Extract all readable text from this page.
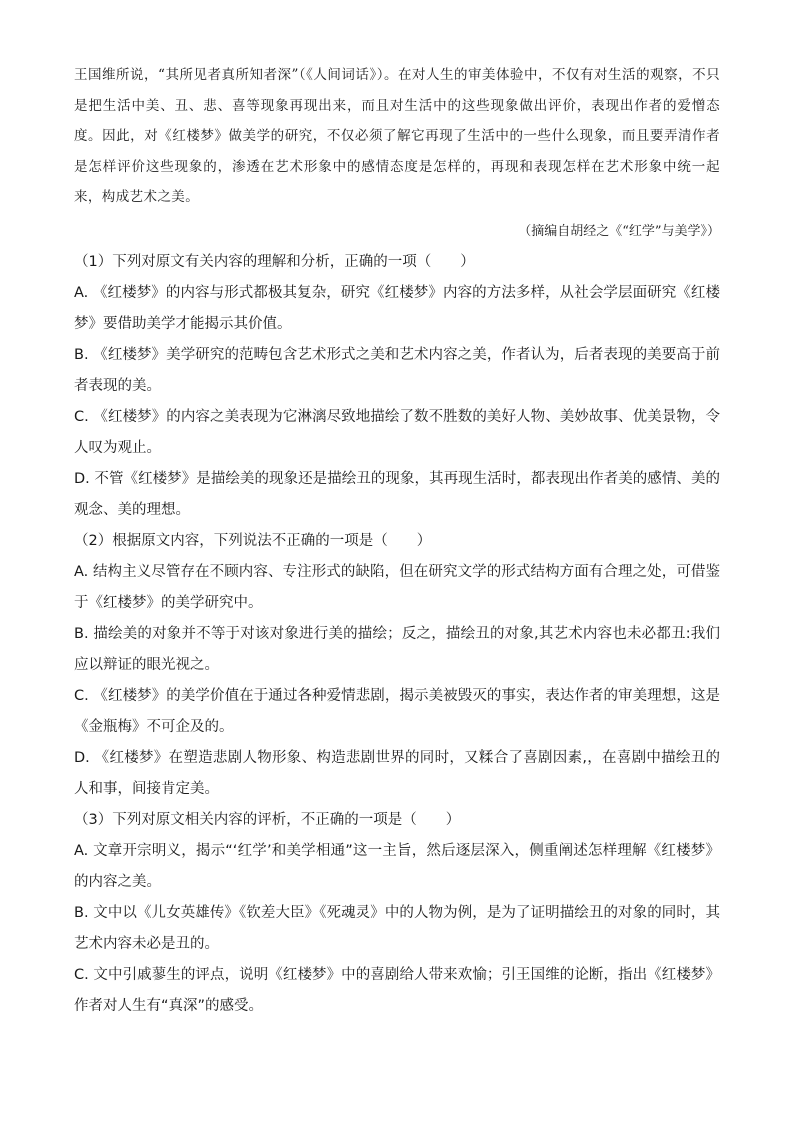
王国维所说，“其所见者真所知者深”（《人间词话》）。在对人生的审美体验中，不仅有对生活的观察，不只是把生活中美、丑、悲、喜等现象再现出来，而且对生活中的这些现象做出评价，表现出作者的爱憎态度。因此，对《红楼梦》做美学的研究，不仅必须了解它再现了生活中的一些什么现象，而且要弄清作者是怎样评价这些现象的，渗透在艺术形象中的感情态度是怎样的，再现和表现怎样在艺术形象中统一起来，构成艺术之美。

（摘编自胡经之《“红学”与美学》）

（1）下列对原文有关内容的理解和分析，正确的一项（　　）

A. 《红楼梦》的内容与形式都极其复杂，研究《红楼梦》内容的方法多样，从社会学层面研究《红楼梦》要借助美学才能揭示其价值。

B. 《红楼梦》美学研究的范畴包含艺术形式之美和艺术内容之美，作者认为，后者表现的美要高于前者表现的美。

C. 《红楼梦》的内容之美表现为它淋漓尽致地描绘了数不胜数的美好人物、美妙故事、优美景物，令人叹为观止。

D. 不管《红楼梦》是描绘美的现象还是描绘丑的现象，其再现生活时，都表现出作者美的感情、美的观念、美的理想。

（2）根据原文内容，下列说法不正确的一项是（　　）

A. 结构主义尽管存在不顾内容、专注形式的缺陷，但在研究文学的形式结构方面有合理之处，可借鉴于《红楼梦》的美学研究中。

B. 描绘美的对象并不等于对该对象进行美的描绘；反之，描绘丑的对象,其艺术内容也未必都丑:我们应以辩证的眼光视之。

C. 《红楼梦》的美学价值在于通过各种爱情悲剧，揭示美被毁灭的事实，表达作者的审美理想，这是《金瓶梅》不可企及的。

D. 《红楼梦》在塑造悲剧人物形象、构造悲剧世界的同时，又糅合了喜剧因素,，在喜剧中描绘丑的人和事，间接肯定美。

（3）下列对原文相关内容的评析，不正确的一项是（　　）

A. 文章开宗明义，揭示“‘红学’和美学相通”这一主旨，然后逐层深入，侧重阐述怎样理解《红楼梦》的内容之美。

B. 文中以《儿女英雄传》《钦差大臣》《死魂灵》中的人物为例，是为了证明描绘丑的对象的同时，其艺术内容未必是丑的。

C. 文中引戚蓼生的评点，说明《红楼梦》中的喜剧给人带来欢愉；引王国维的论断，指出《红楼梦》作者对人生有“真深”的感受。
